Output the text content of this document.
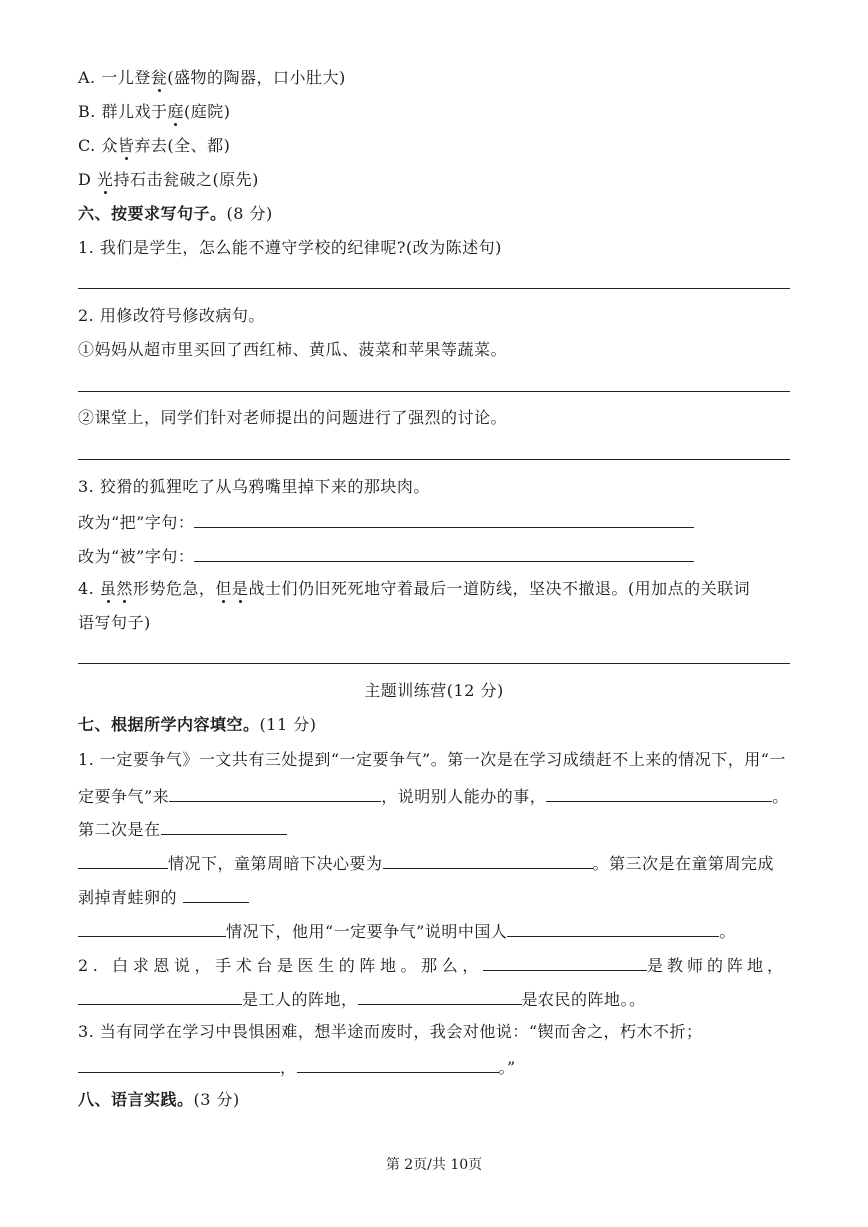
A. 一儿登瓮(盛物的陶器，口小肚大)
B. 群儿戏于庭(庭院)
C. 众皆弃去(全、都)
D 光持石击瓮破之(原先)
六、按要求写句子。(8 分)
1. 我们是学生，怎么能不遵守学校的纪律呢?(改为陈述句)
2. 用修改符号修改病句。
①妈妈从超市里买回了西红柿、黄瓜、菠菜和苹果等蔬菜。
②课堂上，同学们针对老师提出的问题进行了强烈的讨论。
3. 狡猾的狐狸吃了从乌鸦嘴里掉下来的那块肉。
改为“把”字句：
改为“被”字句：
4. 虽然形势危急，但是战士们仍旧死死地守着最后一道防线，坚决不撤退。(用加点的关联词
语写句子)
主题训练营(12 分)
七、根据所学内容填空。(11 分)
1. 一定要争气》一文共有三处提到“一定要争气”。第一次是在学习成绩赶不上来的情况下，用“一
定要争气”来	，说明别人能办的事，	。
第二次是在
情况下，童第周暗下决心要为	。第三次是在童第周完成
剥掉青蛙卵的
情况下，他用“一定要争气”说明中国人	。
2. 白求恩说，手术台是医生的阵地。那么，	是教师的阵地，
是工人的阵地，	是农民的阵地。。
3. 当有同学在学习中畏惧困难，想半途而废时，我会对他说：“锲而舍之，朽木不折；
，	。”
八、语言实践。(3 分)
第 2页/共 10页
